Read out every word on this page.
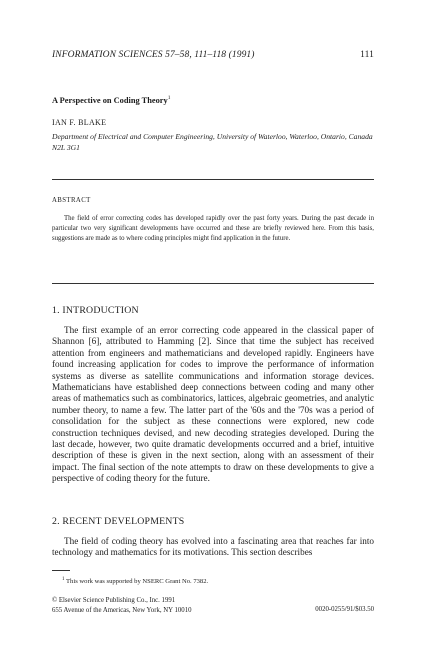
INFORMATION SCIENCES 57–58, 111–118 (1991)	111
A Perspective on Coding Theory$^1$
IAN F. BLAKE
Department of Electrical and Computer Engineering, University of Waterloo, Waterloo, Ontario, Canada N2L 3G1
ABSTRACT
The field of error correcting codes has developed rapidly over the past forty years. During the past decade in particular two very significant developments have occurred and these are briefly reviewed here. From this basis, suggestions are made as to where coding principles might find application in the future.
1. INTRODUCTION
The first example of an error correcting code appeared in the classical paper of Shannon [6], attributed to Hamming [2]. Since that time the subject has received attention from engineers and mathematicians and developed rapidly. Engineers have found increasing application for codes to improve the performance of information systems as diverse as satellite communications and information storage devices. Mathematicians have established deep connections between coding and many other areas of mathematics such as combinatorics, lattices, algebraic geometries, and analytic number theory, to name a few. The latter part of the '60s and the '70s was a period of consolidation for the subject as these connections were explored, new code construction techniques devised, and new decoding strategies developed. During the last decade, however, two quite dramatic developments occurred and a brief, intuitive description of these is given in the next section, along with an assessment of their impact. The final section of the note attempts to draw on these developments to give a perspective of coding theory for the future.
2. RECENT DEVELOPMENTS
The field of coding theory has evolved into a fascinating area that reaches far into technology and mathematics for its motivations. This section describes
$^1$ This work was supported by NSERC Grant No. 7382.
© Elsevier Science Publishing Co., Inc. 1991
655 Avenue of the Americas, New York, NY 10010	0020-0255/91/$03.50
